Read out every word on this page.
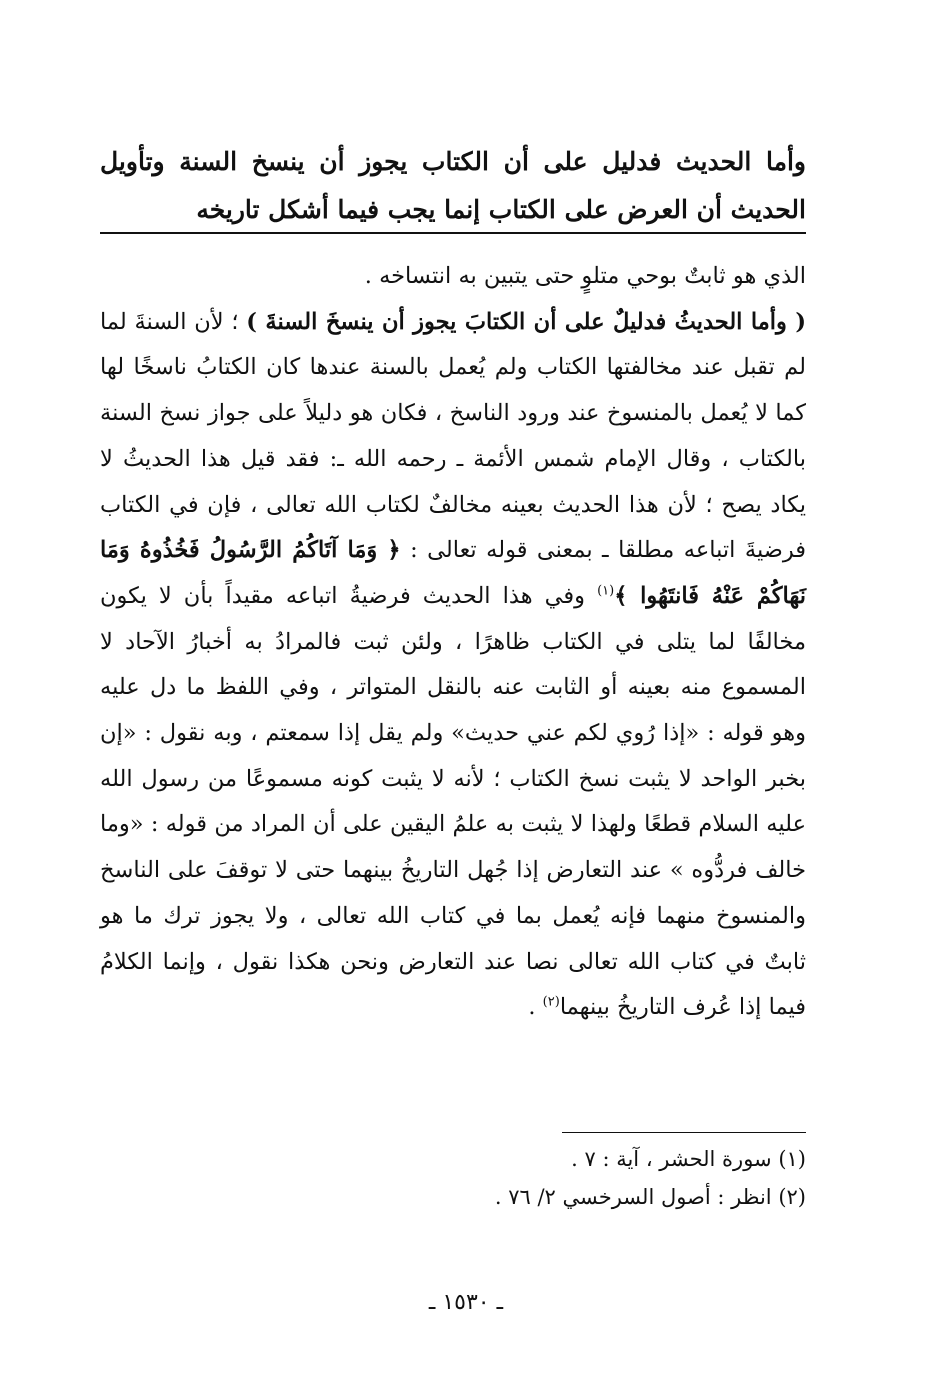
وأما الحديث فدليل على أن الكتاب يجوز أن ينسخ السنة وتأويل الحديث أن العرض على الكتاب إنما يجب فيما أشكل تاريخه

الذي هو ثابتٌ بوحي متلوٍ حتى يتبين به انتساخه .

( وأما الحديثُ فدليلٌ على أن الكتابَ يجوز أن ينسخَ السنةَ ) ؛ لأن السنةَ لما لم تقبل عند مخالفتها الكتاب ولم يُعمل بالسنة عندها كان الكتابُ ناسخًا لها كما لا يُعمل بالمنسوخ عند ورود الناسخ ، فكان هو دليلاً على جواز نسخ السنة بالكتاب ، وقال الإمام شمس الأئمة ـ رحمه الله ـ: فقد قيل هذا الحديثُ لا يكاد يصح ؛ لأن هذا الحديث بعينه مخالفٌ لكتاب الله تعالى ، فإن في الكتاب فرضيةَ اتباعه مطلقا ـ بمعنى قوله تعالى : ﴿ وَمَا آتَاكُمُ الرَّسُولُ فَخُذُوهُ وَمَا نَهَاكُمْ عَنْهُ فَانتَهُوا ﴾$^{(١)}$ وفي هذا الحديث فرضيةُ اتباعه مقيداً بأن لا يكون مخالفًا لما يتلى في الكتاب ظاهرًا ، ولئن ثبت فالمرادُ به أخبارُ الآحاد لا المسموع منه بعينه أو الثابت عنه بالنقل المتواتر ، وفي اللفظ ما دل عليه وهو قوله : «إذا رُوي لكم عني حديث» ولم يقل إذا سمعتم ، وبه نقول : «إن بخبر الواحد لا يثبت نسخ الكتاب ؛ لأنه لا يثبت كونه مسموعًا من رسول الله عليه السلام قطعًا ولهذا لا يثبت به علمُ اليقين على أن المراد من قوله : «وما خالف فردُّوه » عند التعارض إذا جُهل التاريخُ بينهما حتى لا توقفَ على الناسخ والمنسوخ منهما فإنه يُعمل بما في كتاب الله تعالى ، ولا يجوز ترك ما هو ثابتٌ في كتاب الله تعالى نصا عند التعارض ونحن هكذا نقول ، وإنما الكلامُ فيما إذا عُرف التاريخُ بينهما$^{(٢)}$ .

(١) سورة الحشر ، آية : ٧ .
(٢) انظر : أصول السرخسي ٢/ ٧٦ .
ـ ١٥٣٠ ـ
